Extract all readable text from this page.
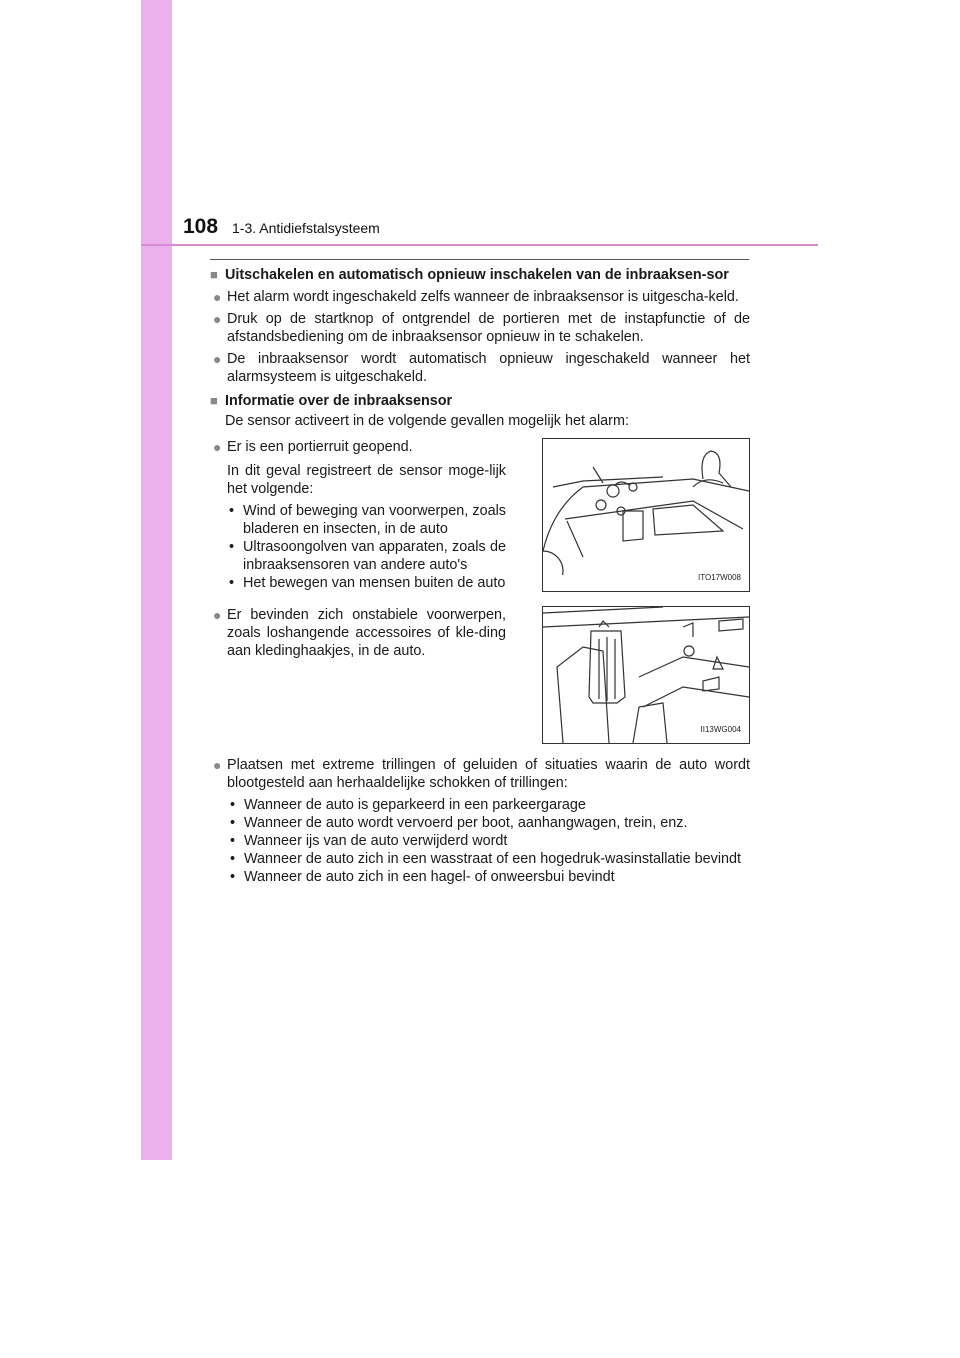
108 1-3. Antidiefstalsysteem
■ Uitschakelen en automatisch opnieuw inschakelen van de inbraaksen-sor
● Het alarm wordt ingeschakeld zelfs wanneer de inbraaksensor is uitgescha-keld.
● Druk op de startknop of ontgrendel de portieren met de instapfunctie of de afstandsbediening om de inbraaksensor opnieuw in te schakelen.
● De inbraaksensor wordt automatisch opnieuw ingeschakeld wanneer het alarmsysteem is uitgeschakeld.
■ Informatie over de inbraaksensor
De sensor activeert in de volgende gevallen mogelijk het alarm:
● Er is een portierruit geopend.
In dit geval registreert de sensor moge-lijk het volgende:
• Wind of beweging van voorwerpen, zoals bladeren en insecten, in de auto
• Ultrasoongolven van apparaten, zoals de inbraaksensoren van andere auto's
• Het bewegen van mensen buiten de auto	ITO17W008
● Er bevinden zich onstabiele voorwerpen, zoals loshangende accessoires of kle-ding aan kledinghaakjes, in de auto.
II13WG004
● Plaatsen met extreme trillingen of geluiden of situaties waarin de auto wordt blootgesteld aan herhaaldelijke schokken of trillingen:
• Wanneer de auto is geparkeerd in een parkeergarage
• Wanneer de auto wordt vervoerd per boot, aanhangwagen, trein, enz.
• Wanneer ijs van de auto verwijderd wordt
• Wanneer de auto zich in een wasstraat of een hogedruk-wasinstallatie bevindt
• Wanneer de auto zich in een hagel- of onweersbui bevindt
